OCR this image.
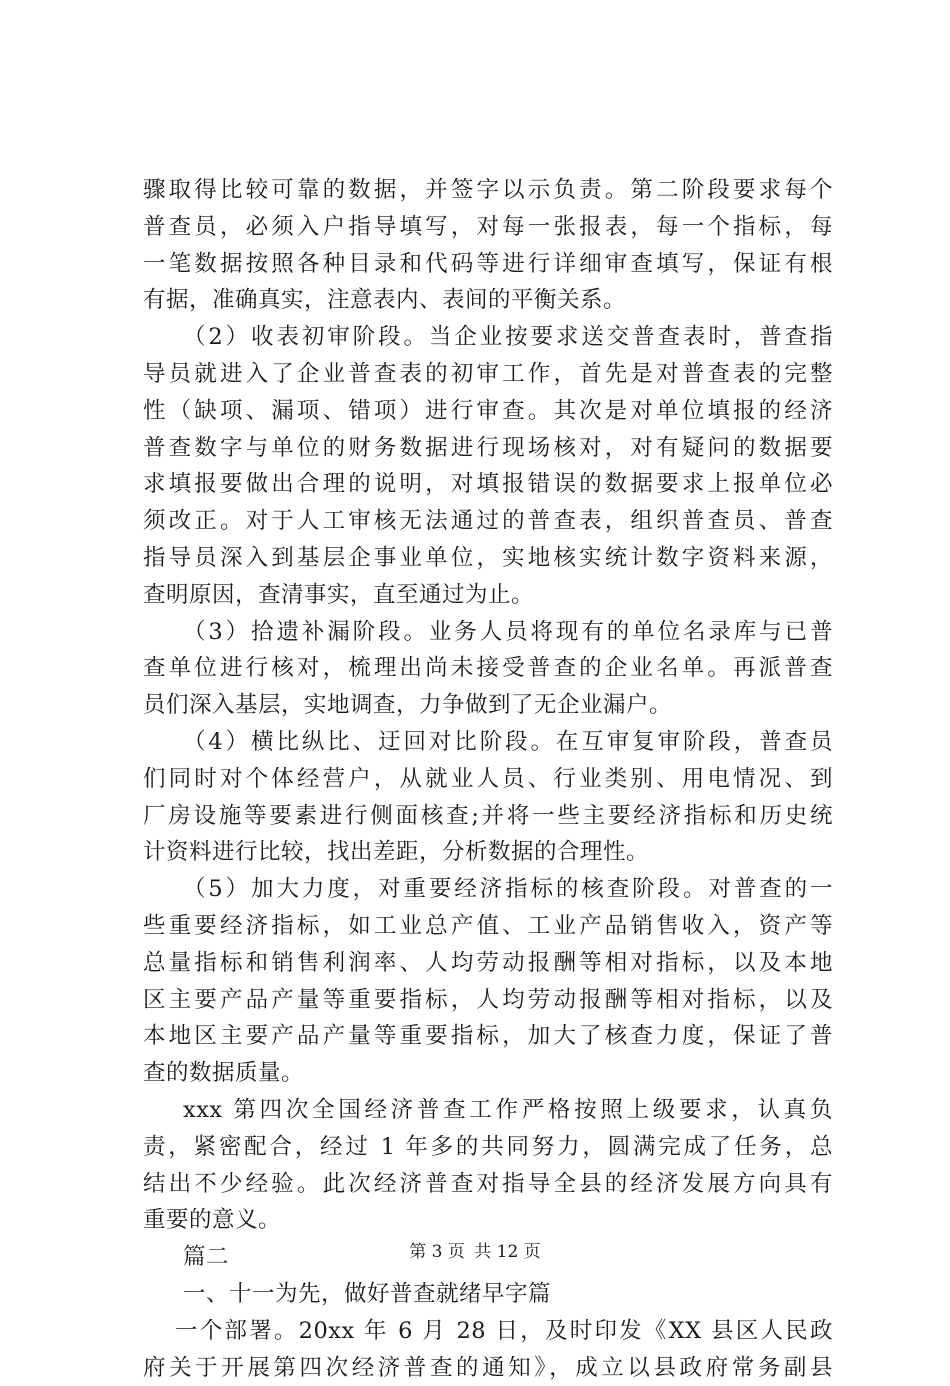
骤取得比较可靠的数据，并签字以示负责。第二阶段要求每个
普查员，必须入户指导填写，对每一张报表，每一个指标，每
一笔数据按照各种目录和代码等进行详细审查填写，保证有根
有据，准确真实，注意表内、表间的平衡关系。
（2）收表初审阶段。当企业按要求送交普查表时，普查指
导员就进入了企业普查表的初审工作，首先是对普查表的完整
性（缺项、漏项、错项）进行审查。其次是对单位填报的经济
普查数字与单位的财务数据进行现场核对，对有疑问的数据要
求填报要做出合理的说明，对填报错误的数据要求上报单位必
须改正。对于人工审核无法通过的普查表，组织普查员、普查
指导员深入到基层企事业单位，实地核实统计数字资料来源，
查明原因，查清事实，直至通过为止。
（3）拾遗补漏阶段。业务人员将现有的单位名录库与已普
查单位进行核对，梳理出尚未接受普查的企业名单。再派普查
员们深入基层，实地调查，力争做到了无企业漏户。
（4）横比纵比、迂回对比阶段。在互审复审阶段，普查员
们同时对个体经营户，从就业人员、行业类别、用电情况、到
厂房设施等要素进行侧面核查;并将一些主要经济指标和历史统
计资料进行比较，找出差距，分析数据的合理性。
（5）加大力度，对重要经济指标的核查阶段。对普查的一
些重要经济指标，如工业总产值、工业产品销售收入，资产等
总量指标和销售利润率、人均劳动报酬等相对指标，以及本地
区主要产品产量等重要指标，人均劳动报酬等相对指标，以及
本地区主要产品产量等重要指标，加大了核查力度，保证了普
查的数据质量。
xxx 第四次全国经济普查工作严格按照上级要求，认真负
责，紧密配合，经过 1 年多的共同努力，圆满完成了任务，总
结出不少经验。此次经济普查对指导全县的经济发展方向具有
重要的意义。
篇二
一、十一为先，做好普查就绪早字篇
一个部署。20xx 年 6 月 28 日，及时印发《XX 县区人民政
府关于开展第四次经济普查的通知》，成立以县政府常务副县
第 3 页 共 12 页
